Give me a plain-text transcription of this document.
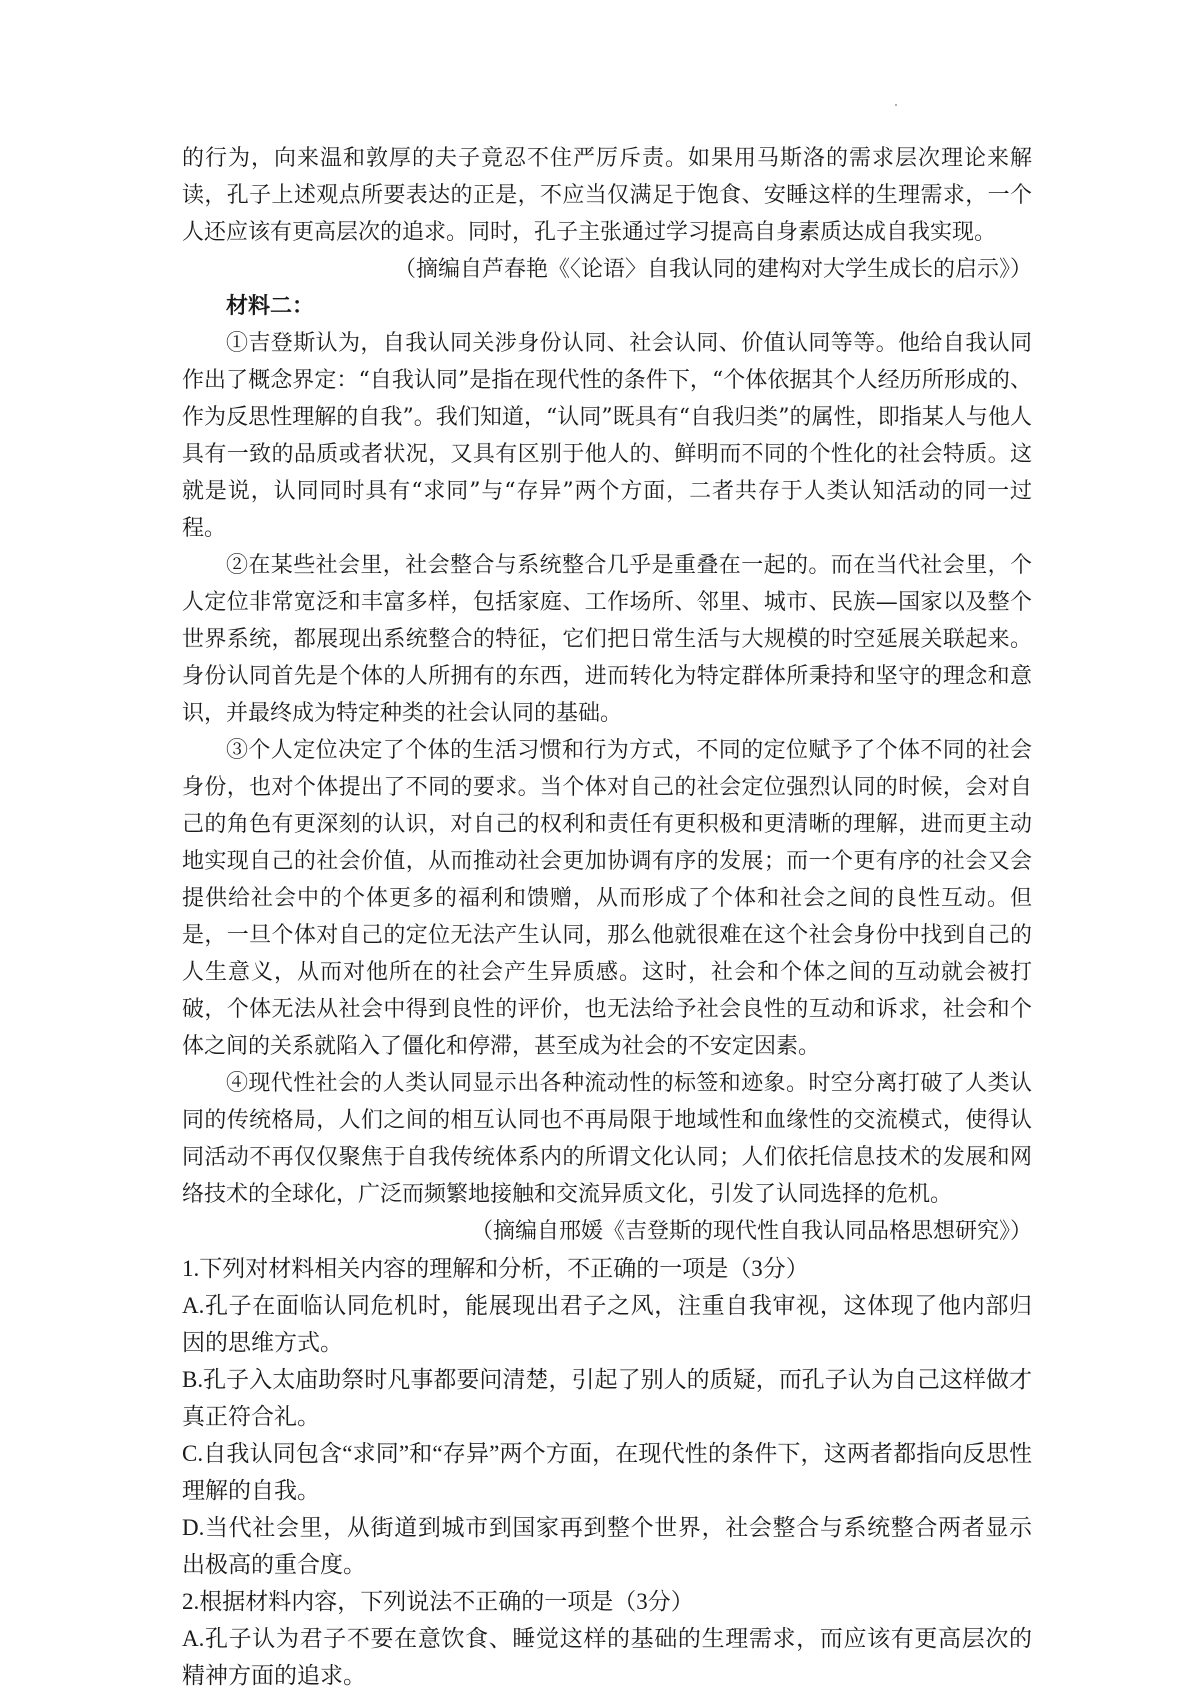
的行为，向来温和敦厚的夫子竟忍不住严厉斥责。如果用马斯洛的需求层次理论来解读，孔子上述观点所要表达的正是，不应当仅满足于饱食、安睡这样的生理需求，一个人还应该有更高层次的追求。同时，孔子主张通过学习提高自身素质达成自我实现。

（摘编自芦春艳《〈论语〉自我认同的建构对大学生成长的启示》）

材料二：

①吉登斯认为，自我认同关涉身份认同、社会认同、价值认同等等。他给自我认同作出了概念界定：“自我认同”是指在现代性的条件下，“个体依据其个人经历所形成的、作为反思性理解的自我”。我们知道，“认同”既具有“自我归类”的属性，即指某人与他人具有一致的品质或者状况，又具有区别于他人的、鲜明而不同的个性化的社会特质。这就是说，认同同时具有“求同”与“存异”两个方面，二者共存于人类认知活动的同一过程。

②在某些社会里，社会整合与系统整合几乎是重叠在一起的。而在当代社会里，个人定位非常宽泛和丰富多样，包括家庭、工作场所、邻里、城市、民族—国家以及整个世界系统，都展现出系统整合的特征，它们把日常生活与大规模的时空延展关联起来。身份认同首先是个体的人所拥有的东西，进而转化为特定群体所秉持和坚守的理念和意识，并最终成为特定种类的社会认同的基础。

③个人定位决定了个体的生活习惯和行为方式，不同的定位赋予了个体不同的社会身份，也对个体提出了不同的要求。当个体对自己的社会定位强烈认同的时候，会对自己的角色有更深刻的认识，对自己的权利和责任有更积极和更清晰的理解，进而更主动地实现自己的社会价值，从而推动社会更加协调有序的发展；而一个更有序的社会又会提供给社会中的个体更多的福利和馈赠，从而形成了个体和社会之间的良性互动。但是，一旦个体对自己的定位无法产生认同，那么他就很难在这个社会身份中找到自己的人生意义，从而对他所在的社会产生异质感。这时，社会和个体之间的互动就会被打破，个体无法从社会中得到良性的评价，也无法给予社会良性的互动和诉求，社会和个体之间的关系就陷入了僵化和停滞，甚至成为社会的不安定因素。

④现代性社会的人类认同显示出各种流动性的标签和迹象。时空分离打破了人类认同的传统格局，人们之间的相互认同也不再局限于地域性和血缘性的交流模式，使得认同活动不再仅仅聚焦于自我传统体系内的所谓文化认同；人们依托信息技术的发展和网络技术的全球化，广泛而频繁地接触和交流异质文化，引发了认同选择的危机。

（摘编自邢媛《吉登斯的现代性自我认同品格思想研究》）

1.下列对材料相关内容的理解和分析，不正确的一项是（3分）

A.孔子在面临认同危机时，能展现出君子之风，注重自我审视，这体现了他内部归因的思维方式。

B.孔子入太庙助祭时凡事都要问清楚，引起了别人的质疑，而孔子认为自己这样做才真正符合礼。

C.自我认同包含“求同”和“存异”两个方面，在现代性的条件下，这两者都指向反思性理解的自我。

D.当代社会里，从街道到城市到国家再到整个世界，社会整合与系统整合两者显示出极高的重合度。

2.根据材料内容，下列说法不正确的一项是（3分）

A.孔子认为君子不要在意饮食、睡觉这样的基础的生理需求，而应该有更高层次的精神方面的追求。
